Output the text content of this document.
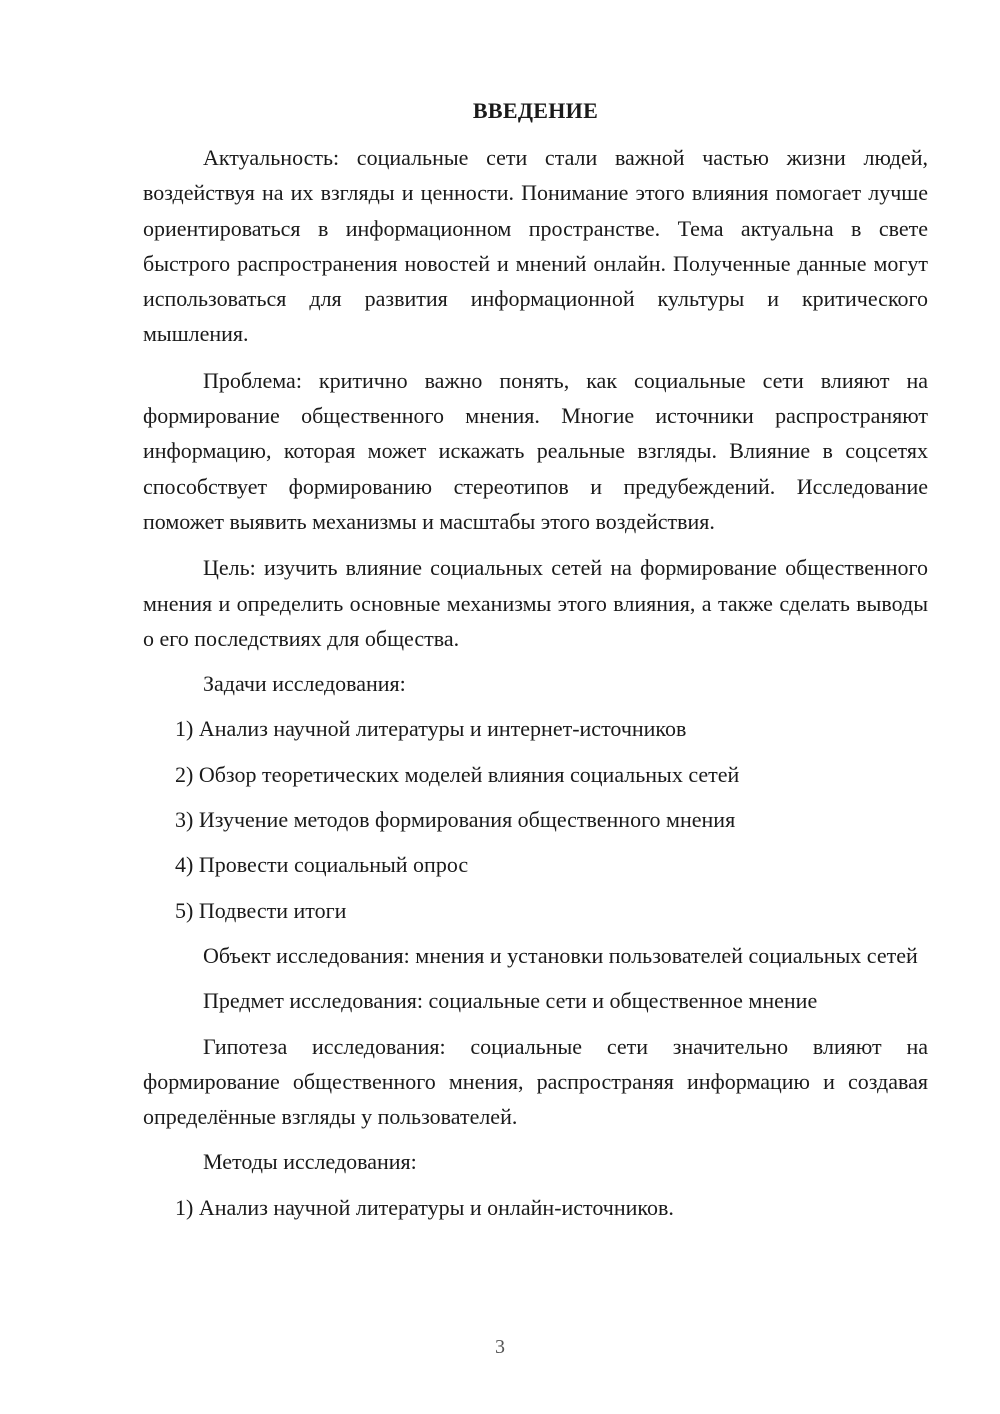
ВВЕДЕНИЕ

Актуальность: социальные сети стали важной частью жизни людей, воздействуя на их взгляды и ценности. Понимание этого влияния помогает лучше ориентироваться в информационном пространстве. Тема актуальна в свете быстрого распространения новостей и мнений онлайн. Полученные данные могут использоваться для развития информационной культуры и критического мышления.

Проблема: критично важно понять, как социальные сети влияют на формирование общественного мнения. Многие источники распространяют информацию, которая может искажать реальные взгляды. Влияние в соцсетях способствует формированию стереотипов и предубеждений. Исследование поможет выявить механизмы и масштабы этого воздействия.

Цель: изучить влияние социальных сетей на формирование общественного мнения и определить основные механизмы этого влияния, а также сделать выводы о его последствиях для общества.

Задачи исследования:

1) Анализ научной литературы и интернет-источников

2) Обзор теоретических моделей влияния социальных сетей

3) Изучение методов формирования общественного мнения

4) Провести социальный опрос

5) Подвести итоги

Объект исследования: мнения и установки пользователей социальных сетей

Предмет исследования: социальные сети и общественное мнение

Гипотеза исследования: социальные сети значительно влияют на формирование общественного мнения, распространяя информацию и создавая определённые взгляды у пользователей.

Методы исследования:

1) Анализ научной литературы и онлайн-источников.

3
